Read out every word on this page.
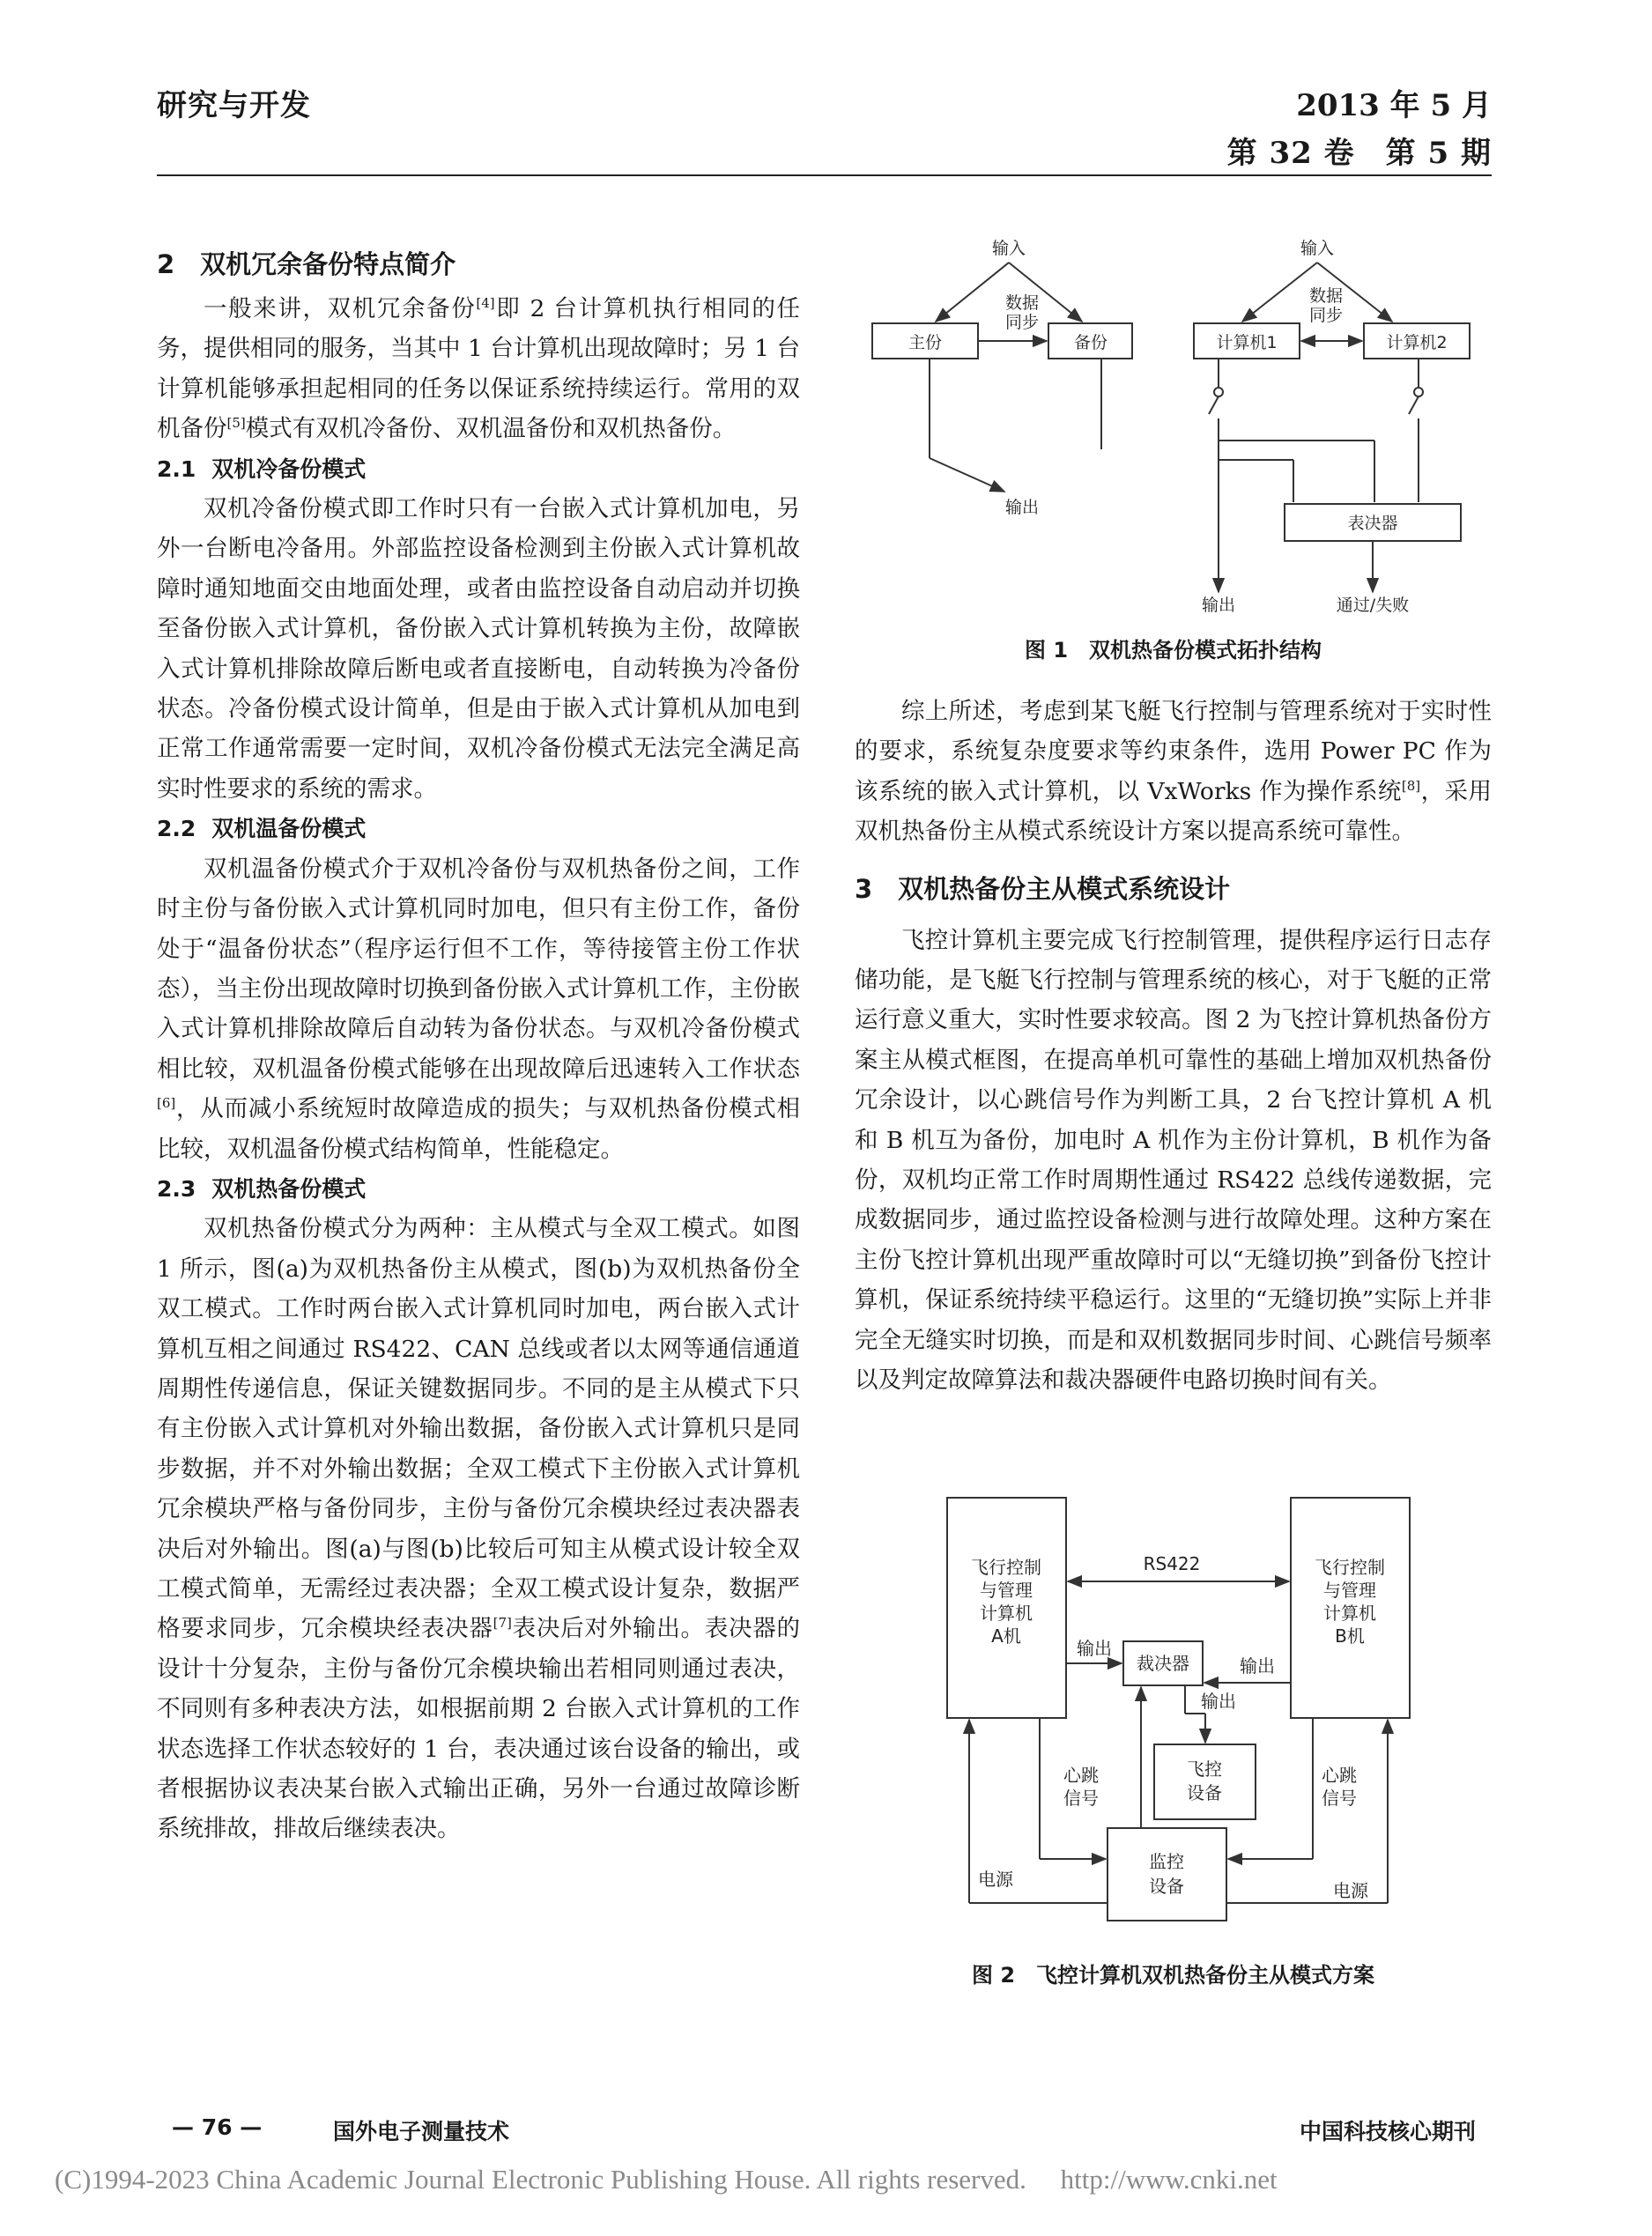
研究与开发	2013 年 5 月
第 32 卷　第 5 期
2　双机冗余备份特点简介
一般来讲，双机冗余备份[4]即 2 台计算机执行相同的任务，提供相同的服务，当其中 1 台计算机出现故障时；另 1 台计算机能够承担起相同的任务以保证系统持续运行。常用的双机备份[5]模式有双机冷备份、双机温备份和双机热备份。
2.1 双机冷备份模式
双机冷备份模式即工作时只有一台嵌入式计算机加电，另外一台断电冷备用。外部监控设备检测到主份嵌入式计算机故障时通知地面交由地面处理，或者由监控设备自动启动并切换至备份嵌入式计算机，备份嵌入式计算机转换为主份，故障嵌入式计算机排除故障后断电或者直接断电，自动转换为冷备份状态。冷备份模式设计简单，但是由于嵌入式计算机从加电到正常工作通常需要一定时间，双机冷备份模式无法完全满足高实时性要求的系统的需求。
2.2 双机温备份模式
双机温备份模式介于双机冷备份与双机热备份之间，工作时主份与备份嵌入式计算机同时加电，但只有主份工作，备份处于“温备份状态”（程序运行但不工作，等待接管主份工作状态），当主份出现故障时切换到备份嵌入式计算机工作，主份嵌入式计算机排除故障后自动转为备份状态。与双机冷备份模式相比较，双机温备份模式能够在出现故障后迅速转入工作状态[6]，从而减小系统短时故障造成的损失；与双机热备份模式相比较，双机温备份模式结构简单，性能稳定。
2.3 双机热备份模式
双机热备份模式分为两种：主从模式与全双工模式。如图 1 所示，图(a)为双机热备份主从模式，图(b)为双机热备份全双工模式。工作时两台嵌入式计算机同时加电，两台嵌入式计算机互相之间通过 RS422、CAN 总线或者以太网等通信通道周期性传递信息，保证关键数据同步。不同的是主从模式下只有主份嵌入式计算机对外输出数据，备份嵌入式计算机只是同步数据，并不对外输出数据；全双工模式下主份嵌入式计算机冗余模块严格与备份同步，主份与备份冗余模块经过表决器表决后对外输出。图(a)与图(b)比较后可知主从模式设计较全双工模式简单，无需经过表决器；全双工模式设计复杂，数据严格要求同步，冗余模块经表决器[7]表决后对外输出。表决器的设计十分复杂，主份与备份冗余模块输出若相同则通过表决，不同则有多种表决方法，如根据前期 2 台嵌入式计算机的工作状态选择工作状态较好的 1 台，表决通过该台设备的输出，或者根据协议表决某台嵌入式输出正确，另外一台通过故障诊断系统排故，排故后继续表决。
输入
数据
同步
主份	备份
输出
输入
数据
同步
计算机1	计算机2
表决器
输出	通过/失败
图 1　双机热备份模式拓扑结构
综上所述，考虑到某飞艇飞行控制与管理系统对于实时性的要求，系统复杂度要求等约束条件，选用 Power PC 作为该系统的嵌入式计算机，以 VxWorks 作为操作系统[8]，采用双机热备份主从模式系统设计方案以提高系统可靠性。
3　双机热备份主从模式系统设计
飞控计算机主要完成飞行控制管理，提供程序运行日志存储功能，是飞艇飞行控制与管理系统的核心，对于飞艇的正常运行意义重大，实时性要求较高。图 2 为飞控计算机热备份方案主从模式框图，在提高单机可靠性的基础上增加双机热备份冗余设计，以心跳信号作为判断工具，2 台飞控计算机 A 机和 B 机互为备份，加电时 A 机作为主份计算机，B 机作为备份，双机均正常工作时周期性通过 RS422 总线传递数据，完成数据同步，通过监控设备检测与进行故障处理。这种方案在主份飞控计算机出现严重故障时可以“无缝切换”到备份飞控计算机，保证系统持续平稳运行。这里的“无缝切换”实际上并非完全无缝实时切换，而是和双机数据同步时间、心跳信号频率以及判定故障算法和裁决器硬件电路切换时间有关。
飞行控制
与管理
计算机
A机
飞行控制
与管理
计算机
B机
RS422
裁决器
输出
输出
输出
飞控
设备
心跳
信号
心跳
信号
监控
设备
电源
电源
图 2　飞控计算机双机热备份主从模式方案
— 76 —	国外电子测量技术	中国科技核心期刊
(C)1994-2023 China Academic Journal Electronic Publishing House. All rights reserved.　 http://www.cnki.net
